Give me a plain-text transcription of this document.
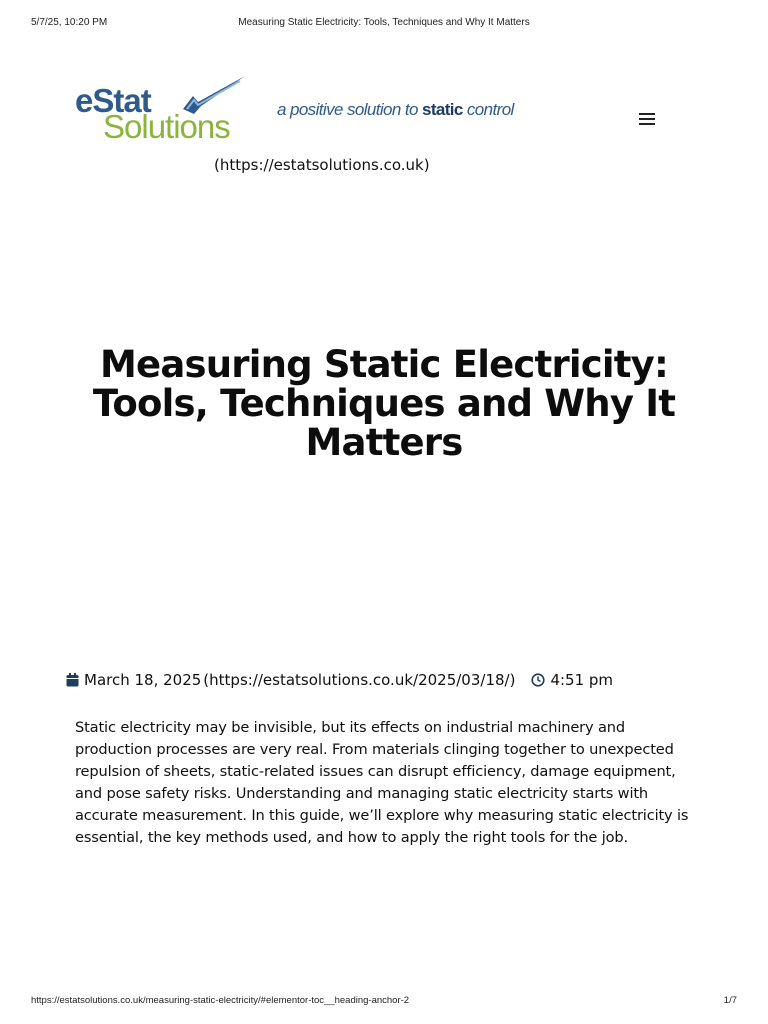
5/7/25, 10:20 PM	Measuring Static Electricity: Tools, Techniques and Why It Matters
eStat
Solutions	a positive solution to static control
(https://estatsolutions.co.uk)
Measuring Static Electricity: Tools, Techniques and Why It Matters
March 18, 2025 (https://estatsolutions.co.uk/2025/03/18/) 4:51 pm

Static electricity may be invisible, but its effects on industrial machinery and production processes are very real. From materials clinging together to unexpected repulsion of sheets, static-related issues can disrupt efficiency, damage equipment, and pose safety risks. Understanding and managing static electricity starts with accurate measurement. In this guide, we’ll explore why measuring static electricity is essential, the key methods used, and how to apply the right tools for the job.

https://estatsolutions.co.uk/measuring-static-electricity/#elementor-toc__heading-anchor-2	1/7
